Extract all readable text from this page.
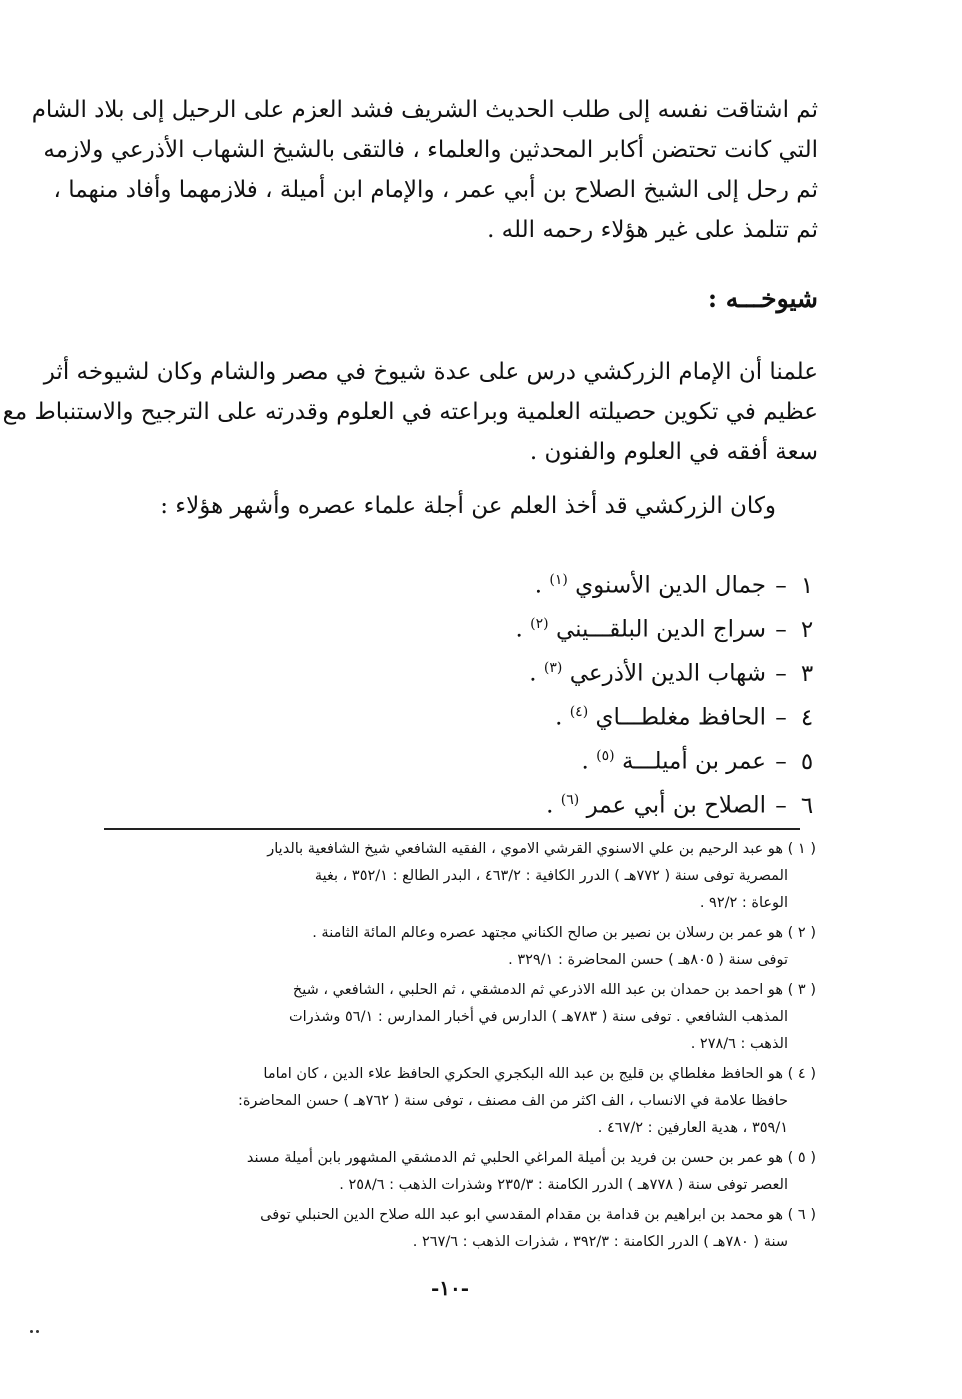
ثم اشتاقت نفسه إلى طلب الحديث الشريف فشد العزم على الرحيل إلى بلاد الشام
التي كانت تحتضن أكابر المحدثين والعلماء ، فالتقى بالشيخ الشهاب الأذرعي ولازمه
ثم رحل إلى الشيخ الصلاح بن أبي عمر ، والإمام ابن أميلة ، فلازمهما وأفاد منهما ،
ثم تتلمذ على غير هؤلاء رحمه الله .

شيوخـــه :

علمنا أن الإمام الزركشي درس على عدة شيوخ في مصر والشام وكان لشيوخه أثر
عظيم في تكوين حصيلته العلمية وبراعته في العلوم وقدرته على الترجيح والاستنباط مع
سعة أفقه في العلوم والفنون .

وكان الزركشي قد أخذ العلم عن أجلة علماء عصره وأشهر هؤلاء :
١–جمال الدين الأسنوي $^{(١)}$ .
٢–سراج الدين البلقـــيني $^{(٢)}$ .
٣–شهاب الدين الأذرعي $^{(٣)}$ .
٤–الحافظ مغلطـــاي $^{(٤)}$ .
٥–عمر بن أميلـــة $^{(٥)}$ .
٦–الصلاح بن أبي عمر $^{(٦)}$ .
( ١ ) هو عبد الرحيم بن علي الاسنوي القرشي الاموي ، الفقيه الشافعي شيخ الشافعية بالديار
المصرية توفى سنة ( ٧٧٢هـ ) الدرر الكافية : ٤٦٣/٢ ، البدر الطالع : ٣٥٢/١ ، بغية
الوعاة : ٩٢/٢ .
( ٢ ) هو عمر بن رسلان بن نصير بن صالح الكناني مجتهد عصره وعالم المائة الثامنة .
توفى سنة ( ٨٠٥هـ ) حسن المحاضرة : ٣٢٩/١ .
( ٣ ) هو احمد بن حمدان بن عبد الله الاذرعي ثم الدمشقي ، ثم الحلبي ، الشافعي ، شيخ
المذهب الشافعي . توفى سنة ( ٧٨٣هـ ) الدارس في أخبار المدارس : ٥٦/١ وشذرات
الذهب : ٢٧٨/٦ .
( ٤ ) هو الحافظ مغلطاي بن قليج بن عبد الله البكجري الحكري الحافظ علاء الدين ، كان اماما
حافظا علامة في الانساب ، الف اكثر من الف مصنف ، توفى سنة ( ٧٦٢هـ ) حسن المحاضرة:
٣٥٩/١ ، هدية العارفين : ٤٦٧/٢ .
( ٥ ) هو عمر بن حسن بن فريد بن أميلة المراغي الحلبي ثم الدمشقي المشهور بابن أميلة مسند
العصر توفى سنة ( ٧٧٨هـ ) الدرر الكامنة : ٢٣٥/٣ وشذرات الذهب : ٢٥٨/٦ .
( ٦ ) هو محمد بن ابراهيم بن قدامة بن مقدام المقدسي ابو عبد الله صلاح الدين الحنبلي توفى
سنة ( ٧٨٠هـ ) الدرر الكامنة : ٣٩٢/٣ ، شذرات الذهب : ٢٦٧/٦ .
-١٠-
